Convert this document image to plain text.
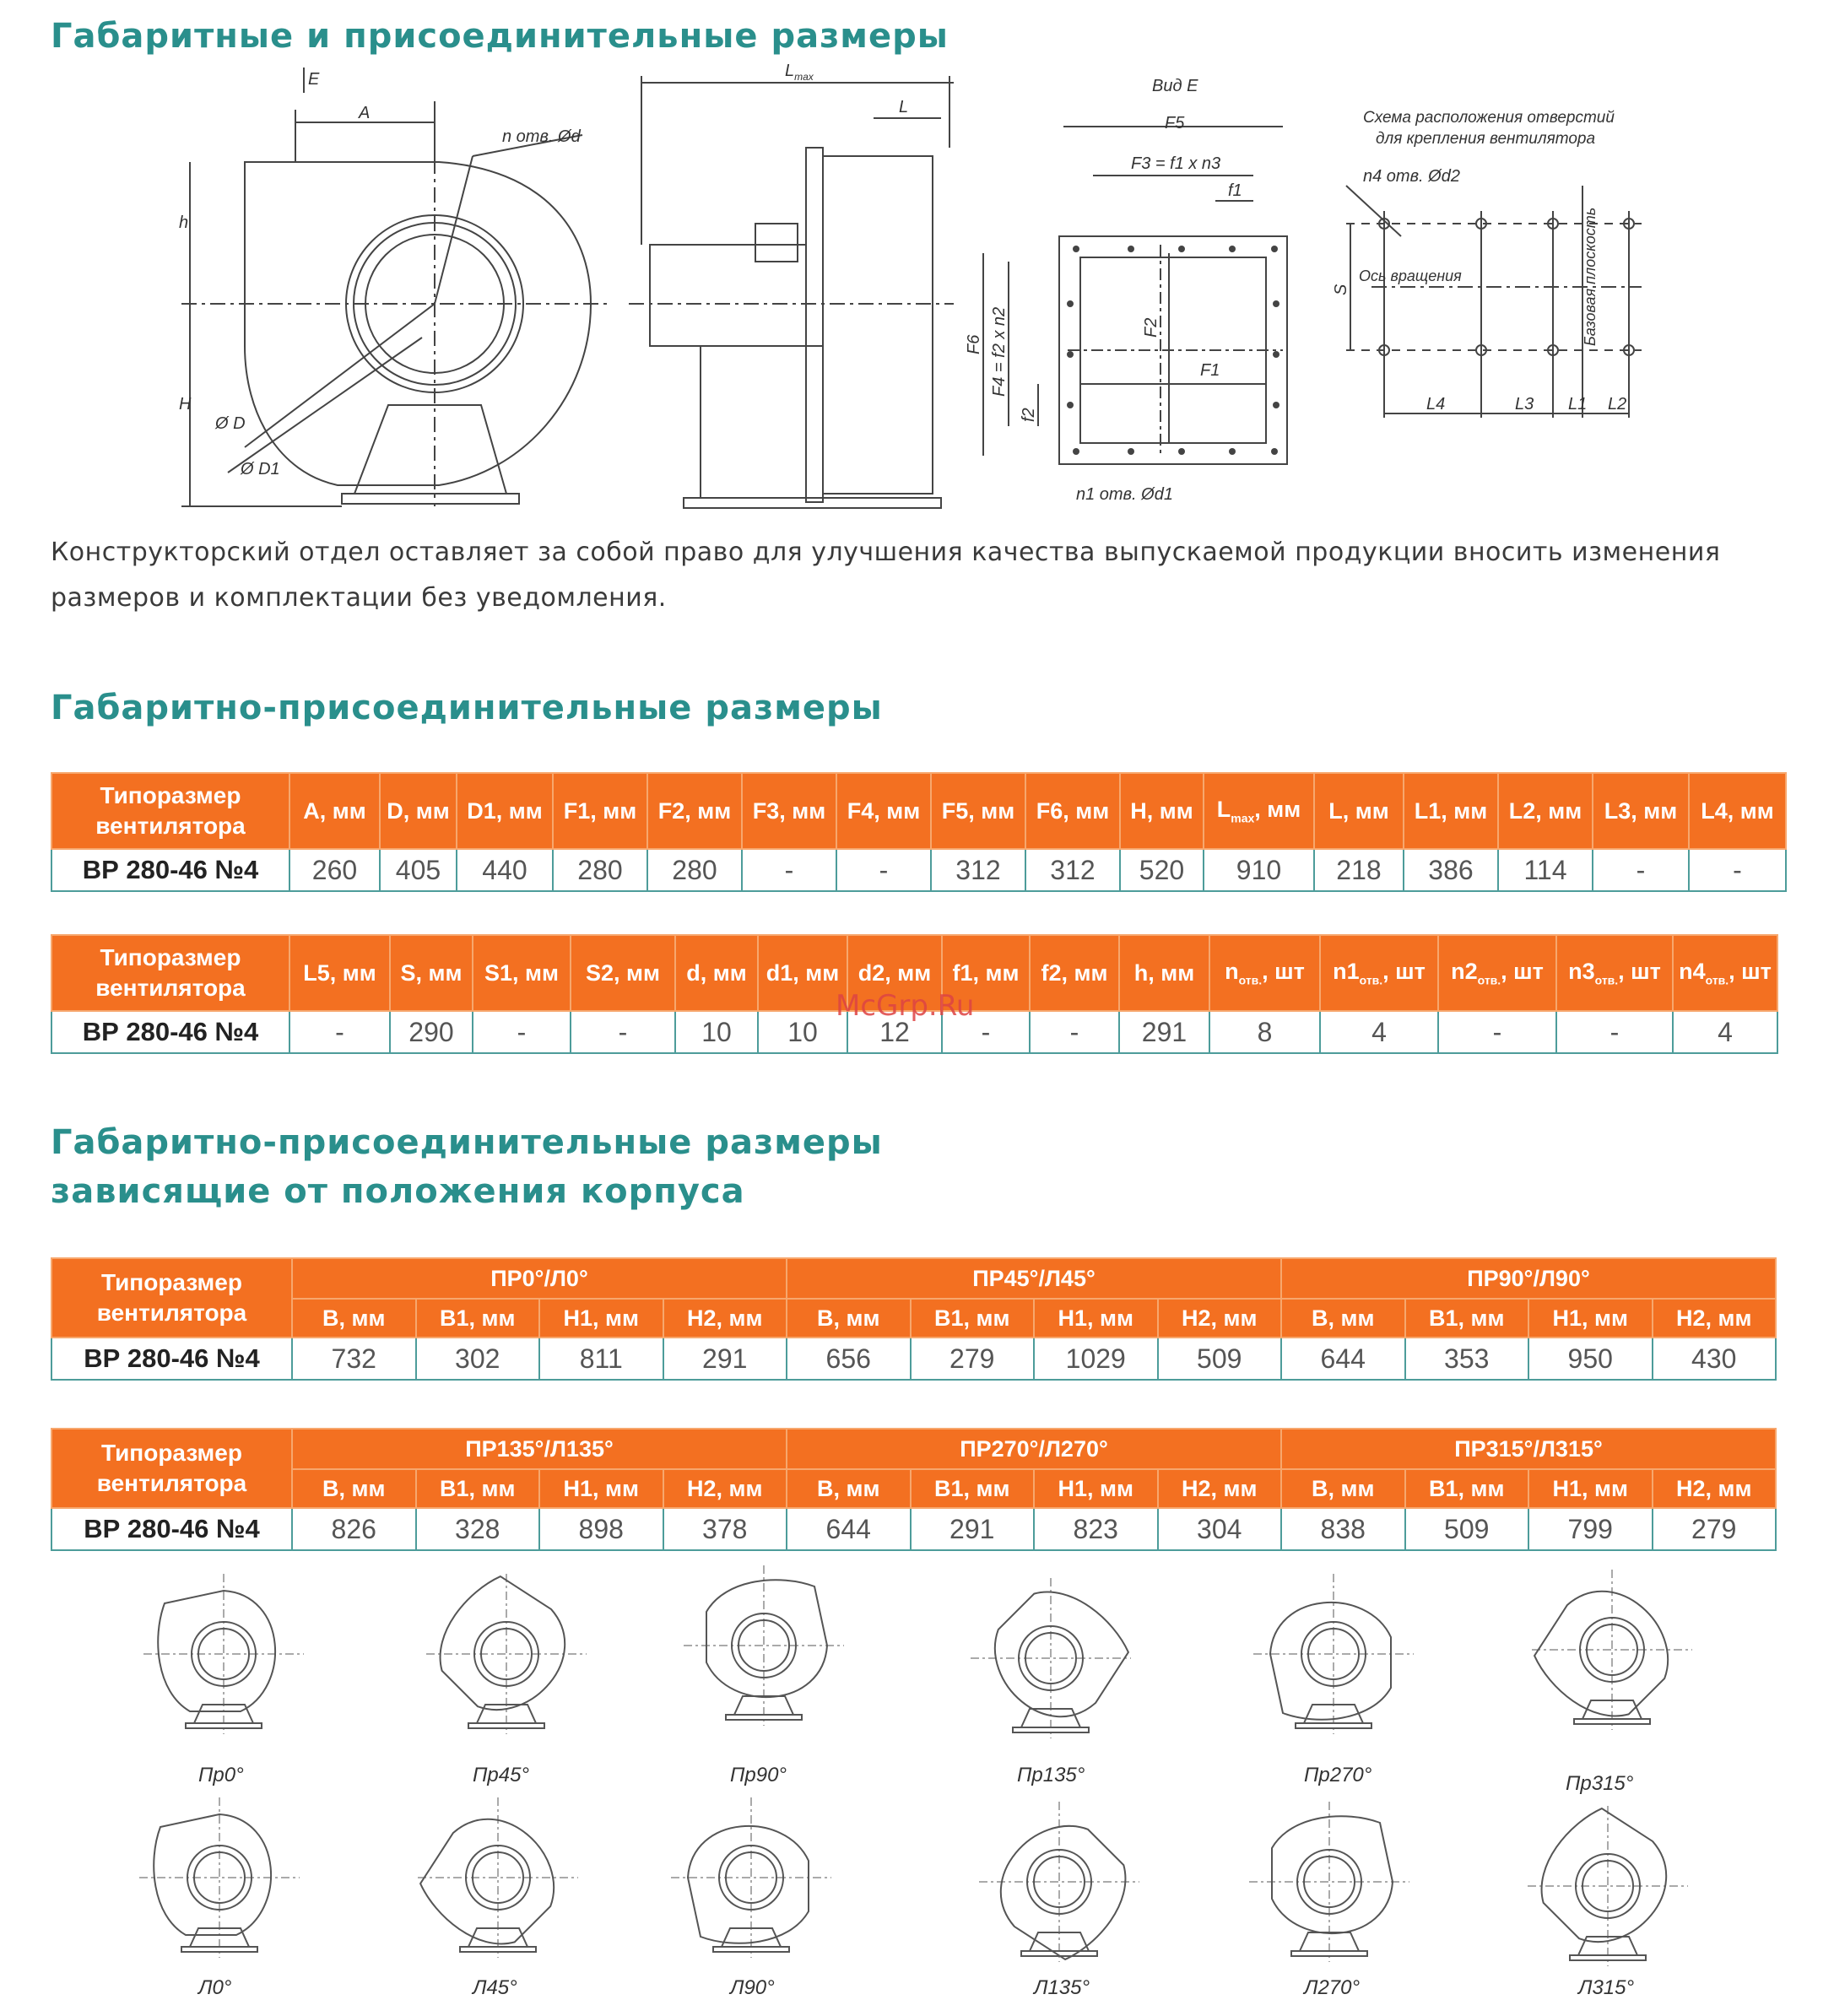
Габаритные и присоединительные размеры
E
A
n отв. Ød
h
H
Ø D
Ø D1
$L_{max}$
L
Вид Е
F5
F3 = f1 x n3
f1
F1
n1 отв. Ød1
Схема расположения отверстий
для крепления вентилятора
n4 отв. Ød2
Ось вращения
L4	L3 L1 L2
F6 F4 = f2 x n2
f2
F2
S	Базовая плоскость
Конструкторский отдел оставляет за собой право для улучшения качества выпускаемой продукции вносить изменения размеров и комплектации без уведомления.
Габаритно-присоединительные размеры
Типоразмер вентилятора	A, мм	D, мм	D1, мм	F1, мм	F2, мм	F3, мм	F4, мм	F5, мм	F6, мм	H, мм	$L_{max}$, мм	L, мм	L1, мм	L2, мм	L3, мм	L4, мм
ВР 280-46 №4	260	405	440	280	280	-	-	312	312	520	910	218	386	114	-	-
Типоразмер вентилятора	L5, мм	S, мм	S1, мм	S2, мм	d, мм	d1, мм	d2, мм	f1, мм	f2, мм	h, мм	$n_{отв.}$, шт	$n1_{отв.}$, шт	$n2_{отв.}$, шт	$n3_{отв.}$, шт	$n4_{отв.}$, шт
ВР 280-46 №4	-	290	-	-	10	10	12	-	-	291	8	4	-	-	4
McGrp.Ru
Габаритно-присоединительные размеры
зависящие от положения корпуса
Типоразмер вентилятора	ПР0°/Л0°				ПР45°/Л45°				ПР90°/Л90°			
	В, мм	В1, мм	Н1, мм	Н2, мм	В, мм	В1, мм	Н1, мм	Н2, мм	В, мм	В1, мм	Н1, мм	Н2, мм
ВР 280-46 №4	732	302	811	291	656	279	1029	509	644	353	950	430
Типоразмер вентилятора	ПР135°/Л135°				ПР270°/Л270°				ПР315°/Л315°			
	В, мм	В1, мм	Н1, мм	Н2, мм	В, мм	В1, мм	Н1, мм	Н2, мм	В, мм	В1, мм	Н1, мм	Н2, мм
ВР 280-46 №4	826	328	898	378	644	291	823	304	838	509	799	279
Пр0°	Пр45°	Пр90°	Пр135°	Пр270°	Пр315°
Л0°	Л45°	Л90°	Л135°	Л270°	Л315°
